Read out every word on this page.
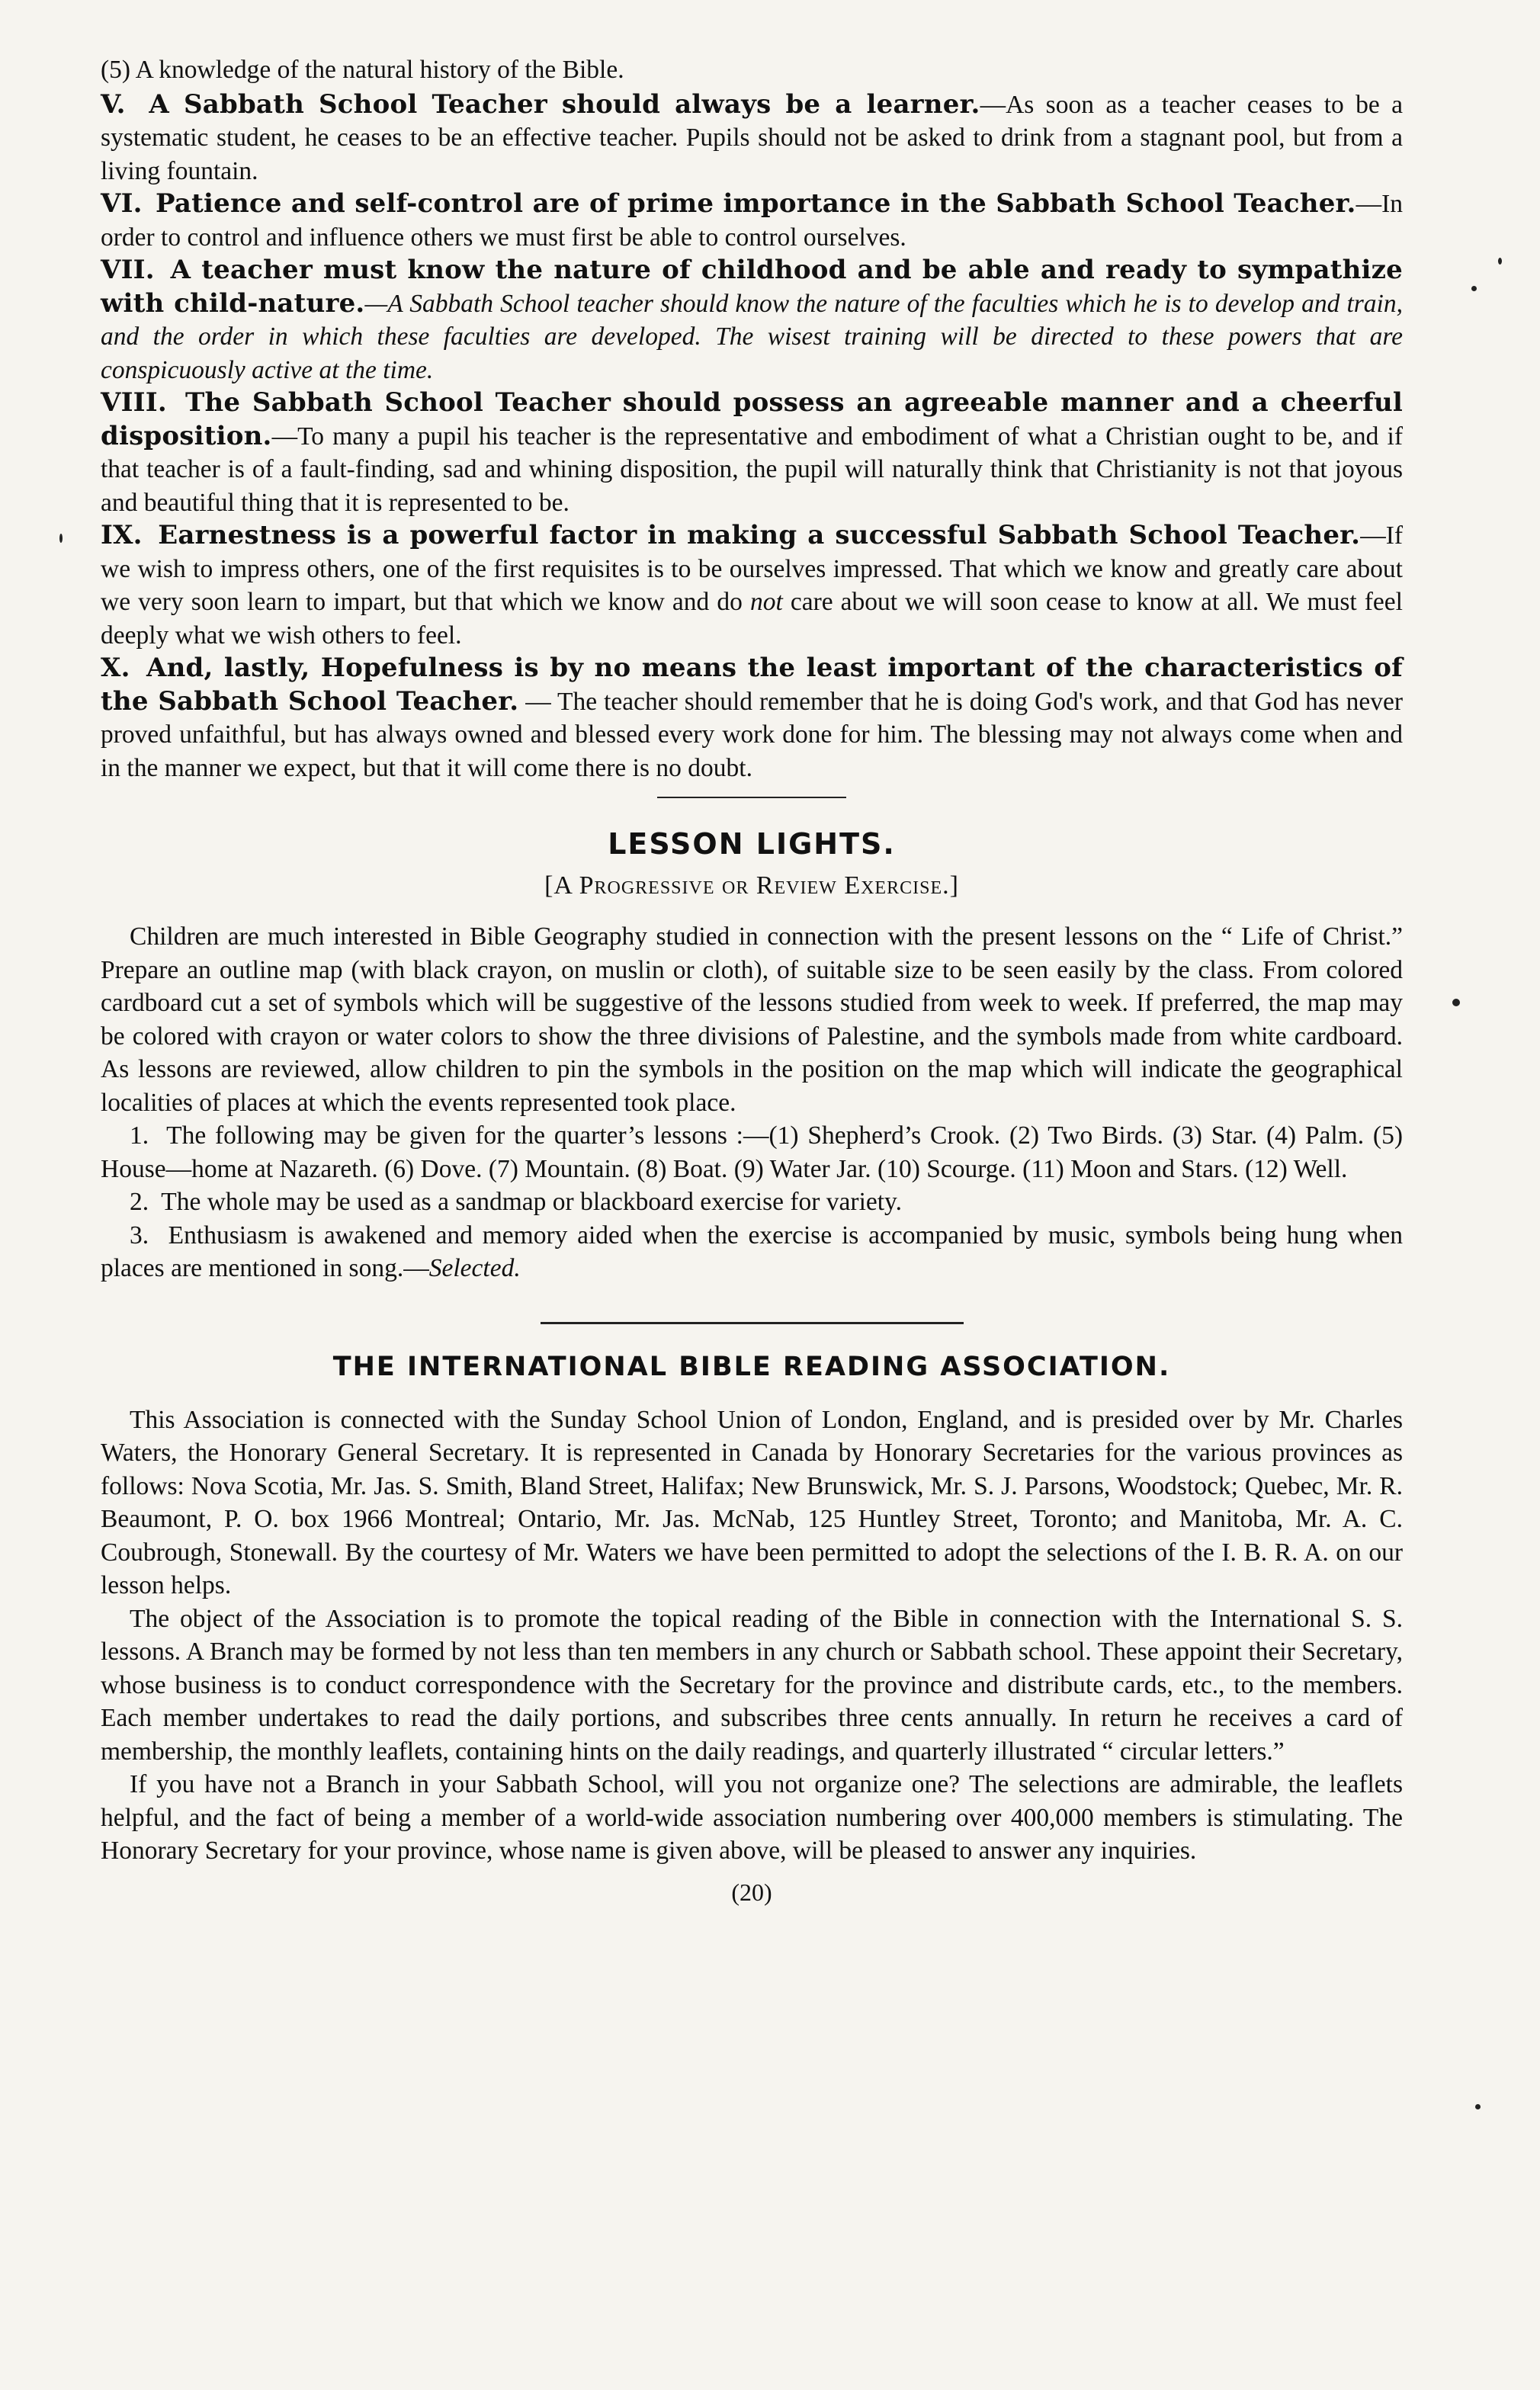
(5) A knowledge of the natural history of the Bible.

V. A Sabbath School Teacher should always be a learner.—As soon as a teacher ceases to be a systematic student, he ceases to be an effective teacher. Pupils should not be asked to drink from a stagnant pool, but from a living fountain.

VI. Patience and self-control are of prime importance in the Sabbath School Teacher.—In order to control and influence others we must first be able to control ourselves.

VII. A teacher must know the nature of childhood and be able and ready to sympathize with child-nature.—A Sabbath School teacher should know the nature of the faculties which he is to develop and train, and the order in which these faculties are developed. The wisest training will be directed to these powers that are conspicuously active at the time.

VIII. The Sabbath School Teacher should possess an agreeable manner and a cheerful disposition.—To many a pupil his teacher is the representative and embodiment of what a Christian ought to be, and if that teacher is of a fault-finding, sad and whining disposition, the pupil will naturally think that Christianity is not that joyous and beautiful thing that it is represented to be.

IX. Earnestness is a powerful factor in making a successful Sabbath School Teacher.—If we wish to impress others, one of the first requisites is to be ourselves impressed. That which we know and greatly care about we very soon learn to impart, but that which we know and do not care about we will soon cease to know at all. We must feel deeply what we wish others to feel.

X. And, lastly, Hopefulness is by no means the least important of the characteristics of the Sabbath School Teacher. — The teacher should remember that he is doing God's work, and that God has never proved unfaithful, but has always owned and blessed every work done for him. The blessing may not always come when and in the manner we expect, but that it will come there is no doubt.

LESSON LIGHTS.
[A Progressive or Review Exercise.]

Children are much interested in Bible Geography studied in connection with the present lessons on the “ Life of Christ.” Prepare an outline map (with black crayon, on muslin or cloth), of suitable size to be seen easily by the class. From colored cardboard cut a set of symbols which will be suggestive of the lessons studied from week to week. If preferred, the map may be colored with crayon or water colors to show the three divisions of Palestine, and the symbols made from white cardboard. As lessons are reviewed, allow children to pin the symbols in the position on the map which will indicate the geographical localities of places at which the events represented took place.

1. The following may be given for the quarter’s lessons :—(1) Shepherd’s Crook. (2) Two Birds. (3) Star. (4) Palm. (5) House—home at Nazareth. (6) Dove. (7) Mountain. (8) Boat. (9) Water Jar. (10) Scourge. (11) Moon and Stars. (12) Well.

2. The whole may be used as a sandmap or blackboard exercise for variety.

3. Enthusiasm is awakened and memory aided when the exercise is accompanied by music, symbols being hung when places are mentioned in song.—Selected.

THE INTERNATIONAL BIBLE READING ASSOCIATION.

This Association is connected with the Sunday School Union of London, England, and is presided over by Mr. Charles Waters, the Honorary General Secretary. It is represented in Canada by Honorary Secretaries for the various provinces as follows: Nova Scotia, Mr. Jas. S. Smith, Bland Street, Halifax; New Brunswick, Mr. S. J. Parsons, Woodstock; Quebec, Mr. R. Beaumont, P. O. box 1966 Montreal; Ontario, Mr. Jas. McNab, 125 Huntley Street, Toronto; and Manitoba, Mr. A. C. Coubrough, Stonewall. By the courtesy of Mr. Waters we have been permitted to adopt the selections of the I. B. R. A. on our lesson helps.

The object of the Association is to promote the topical reading of the Bible in connection with the International S. S. lessons. A Branch may be formed by not less than ten members in any church or Sabbath school. These appoint their Secretary, whose business is to conduct correspondence with the Secretary for the province and distribute cards, etc., to the members. Each member undertakes to read the daily portions, and subscribes three cents annually. In return he receives a card of membership, the monthly leaflets, containing hints on the daily readings, and quarterly illustrated “ circular letters.”

If you have not a Branch in your Sabbath School, will you not organize one? The selections are admirable, the leaflets helpful, and the fact of being a member of a world-wide association numbering over 400,000 members is stimulating. The Honorary Secretary for your province, whose name is given above, will be pleased to answer any inquiries.

(20)
